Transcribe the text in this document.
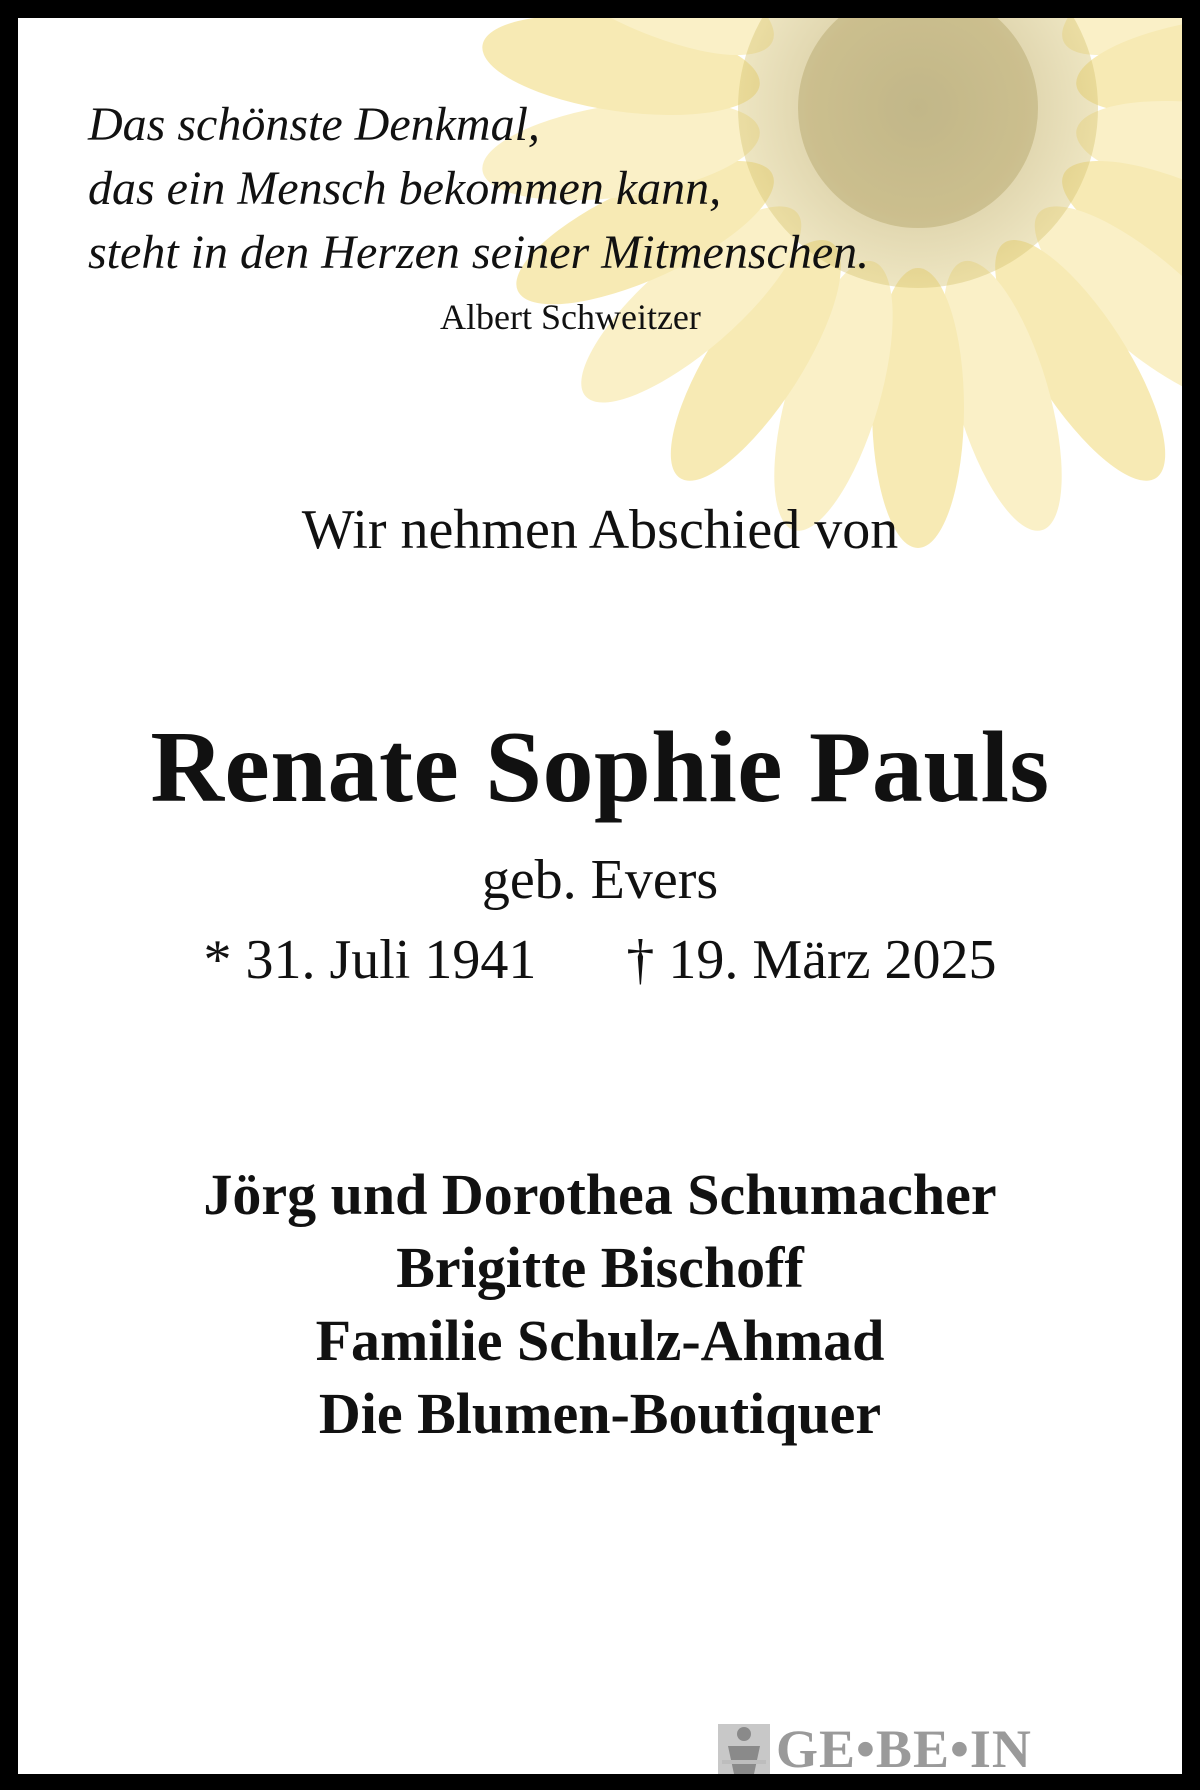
Das schönste Denkmal,
das ein Mensch bekommen kann,
steht in den Herzen seiner Mitmenschen.
Albert Schweitzer
Wir nehmen Abschied von
Renate Sophie Pauls
geb. Evers
* 31. Juli 1941 † 19. März 2025
Jörg und Dorothea Schumacher
Brigitte Bischoff
Familie Schulz-Ahmad
Die Blumen-Boutiquer
GE•BE•IN
